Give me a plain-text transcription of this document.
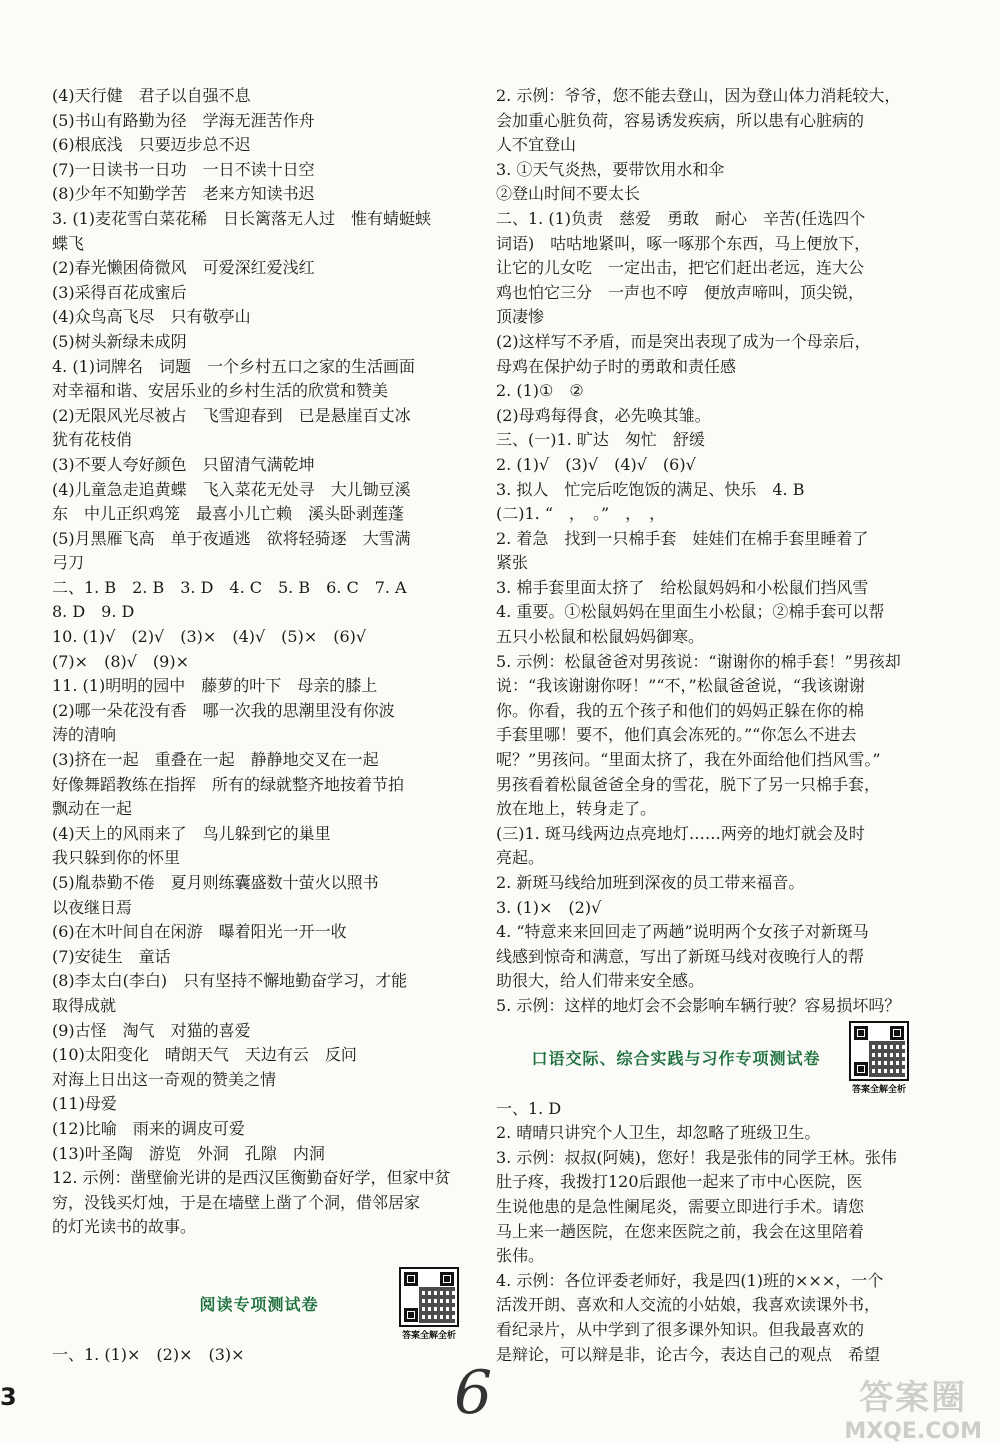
(4)天行健　君子以自强不息
(5)书山有路勤为径　学海无涯苦作舟
(6)根底浅　只要迈步总不迟
(7)一日读书一日功　一日不读十日空
(8)少年不知勤学苦　老来方知读书迟
3. (1)麦花雪白菜花稀　日长篱落无人过　惟有蜻蜓蛱
蝶飞
(2)春光懒困倚微风　可爱深红爱浅红
(3)采得百花成蜜后
(4)众鸟高飞尽　只有敬亭山
(5)树头新绿未成阴
4. (1)词牌名　词题　一个乡村五口之家的生活画面
对幸福和谐、安居乐业的乡村生活的欣赏和赞美
(2)无限风光尽被占　飞雪迎春到　已是悬崖百丈冰
犹有花枝俏
(3)不要人夸好颜色　只留清气满乾坤
(4)儿童急走追黄蝶　飞入菜花无处寻　大儿锄豆溪
东　中儿正织鸡笼　最喜小儿亡赖　溪头卧剥莲蓬
(5)月黑雁飞高　单于夜遁逃　欲将轻骑逐　大雪满
弓刀
二、1. B　2. B　3. D　4. C　5. B　6. C　7. A
8. D　9. D
10. (1)√　(2)√　(3)×　(4)√　(5)×　(6)√
(7)×　(8)√　(9)×
11. (1)明明的园中　藤萝的叶下　母亲的膝上
(2)哪一朵花没有香　哪一次我的思潮里没有你波
涛的清响
(3)挤在一起　重叠在一起　静静地交叉在一起
好像舞蹈教练在指挥　所有的绿就整齐地按着节拍
飘动在一起
(4)天上的风雨来了　鸟儿躲到它的巢里
我只躲到你的怀里
(5)胤恭勤不倦　夏月则练囊盛数十萤火以照书
以夜继日焉
(6)在木叶间自在闲游　曝着阳光一开一收
(7)安徒生　童话
(8)李太白(李白)　只有坚持不懈地勤奋学习，才能
取得成就
(9)古怪　淘气　对猫的喜爱
(10)太阳变化　晴朗天气　天边有云　反问
对海上日出这一奇观的赞美之情
(11)母爱
(12)比喻　雨来的调皮可爱
(13)叶圣陶　游览　外洞　孔隙　内洞
12. 示例：凿壁偷光讲的是西汉匡衡勤奋好学，但家中贫
穷，没钱买灯烛，于是在墙壁上凿了个洞，借邻居家
的灯光读书的故事。
阅读专项测试卷
答案全解全析
一、1. (1)×　(2)×　(3)×
2. 示例：爷爷，您不能去登山，因为登山体力消耗较大，
会加重心脏负荷，容易诱发疾病，所以患有心脏病的
人不宜登山
3. ①天气炎热，要带饮用水和伞
②登山时间不要太长
二、1. (1)负责　慈爱　勇敢　耐心　辛苦(任选四个
词语)　咕咕地紧叫，啄一啄那个东西，马上便放下，
让它的儿女吃　一定出击，把它们赶出老远，连大公
鸡也怕它三分　一声也不哼　便放声啼叫，顶尖锐，
顶凄惨
(2)这样写不矛盾，而是突出表现了成为一个母亲后，
母鸡在保护幼子时的勇敢和责任感
2. (1)①　②
(2)母鸡每得食，必先唤其雏。
三、(一)1. 旷达　匆忙　舒缓
2. (1)√　(3)√　(4)√　(6)√
3. 拟人　忙完后吃饱饭的满足、快乐　4. B
(二)1. “　，　。”　，　，
2. 着急　找到一只棉手套　娃娃们在棉手套里睡着了
紧张
3. 棉手套里面太挤了　给松鼠妈妈和小松鼠们挡风雪
4. 重要。①松鼠妈妈在里面生小松鼠；②棉手套可以帮
五只小松鼠和松鼠妈妈御寒。
5. 示例：松鼠爸爸对男孩说：“谢谢你的棉手套！”男孩却
说：“我该谢谢你呀！”“不，”松鼠爸爸说，“我该谢谢
你。你看，我的五个孩子和他们的妈妈正躲在你的棉
手套里哪！要不，他们真会冻死的。”“你怎么不进去
呢？”男孩问。“里面太挤了，我在外面给他们挡风雪。”
男孩看着松鼠爸爸全身的雪花，脱下了另一只棉手套，
放在地上，转身走了。
(三)1. 斑马线两边点亮地灯……两旁的地灯就会及时
亮起。
2. 新斑马线给加班到深夜的员工带来福音。
3. (1)×　(2)√
4. “特意来来回回走了两趟”说明两个女孩子对新斑马
线感到惊奇和满意，写出了新斑马线对夜晚行人的帮
助很大，给人们带来安全感。
5. 示例：这样的地灯会不会影响车辆行驶？容易损坏吗？
口语交际、综合实践与习作专项测试卷
答案全解全析
一、1. D
2. 晴晴只讲究个人卫生，却忽略了班级卫生。
3. 示例：叔叔(阿姨)，您好！我是张伟的同学王林。张伟
肚子疼，我拨打120后跟他一起来了市中心医院，医
生说他患的是急性阑尾炎，需要立即进行手术。请您
马上来一趟医院，在您来医院之前，我会在这里陪着
张伟。
4. 示例：各位评委老师好，我是四(1)班的×××，一个
活泼开朗、喜欢和人交流的小姑娘，我喜欢读课外书，
看纪录片，从中学到了很多课外知识。但我最喜欢的
是辩论，可以辩是非，论古今，表达自己的观点　希望
3	6	答案圈
MXQE.COM
